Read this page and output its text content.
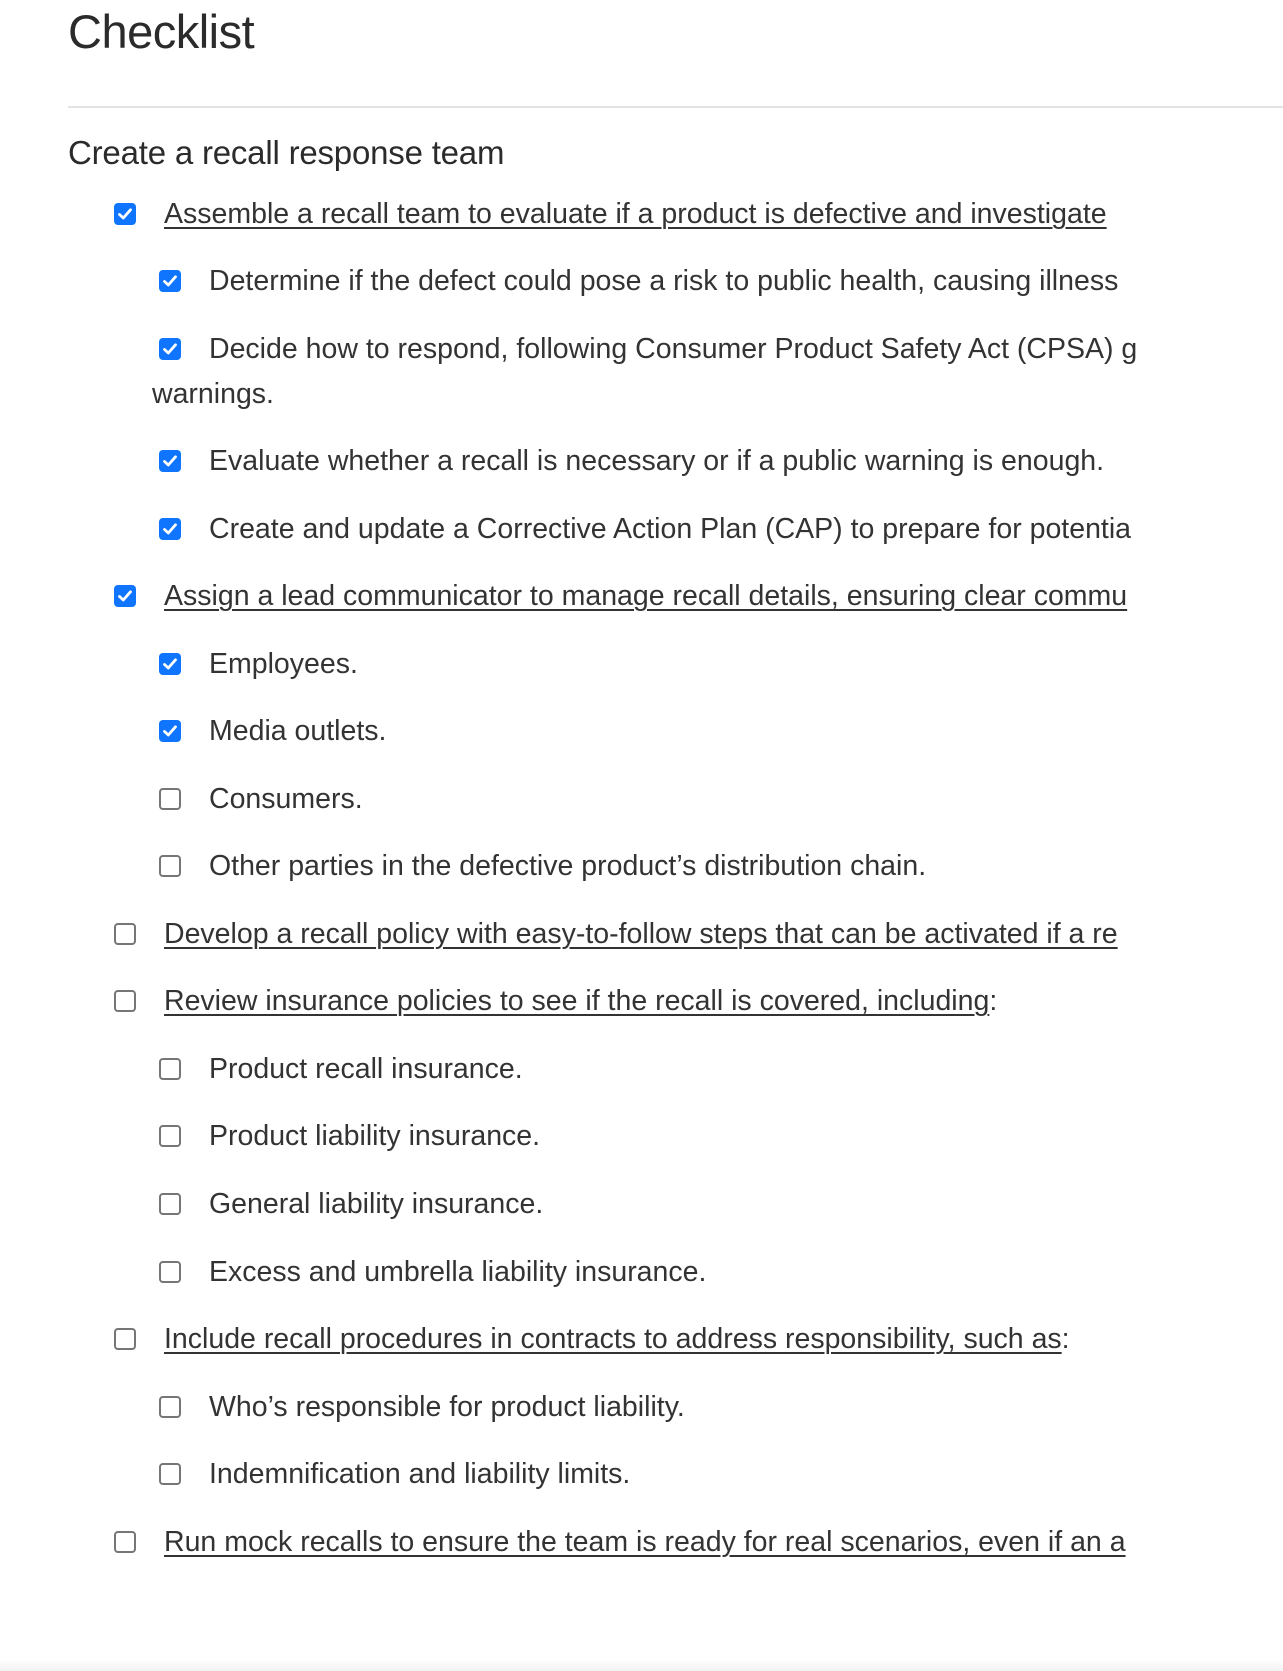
Checklist
Create a recall response team
Assemble a recall team to evaluate if a product is defective and investigate
Determine if the defect could pose a risk to public health, causing illness
Decide how to respond, following Consumer Product Safety Act (CPSA) g
warnings.
Evaluate whether a recall is necessary or if a public warning is enough.
Create and update a Corrective Action Plan (CAP) to prepare for potentia
Assign a lead communicator to manage recall details, ensuring clear commu
Employees.
Media outlets.
Consumers.
Other parties in the defective product’s distribution chain.
Develop a recall policy with easy-to-follow steps that can be activated if a re
Review insurance policies to see if the recall is covered, including:
Product recall insurance.
Product liability insurance.
General liability insurance.
Excess and umbrella liability insurance.
Include recall procedures in contracts to address responsibility, such as:
Who’s responsible for product liability.
Indemnification and liability limits.
Run mock recalls to ensure the team is ready for real scenarios, even if an a
